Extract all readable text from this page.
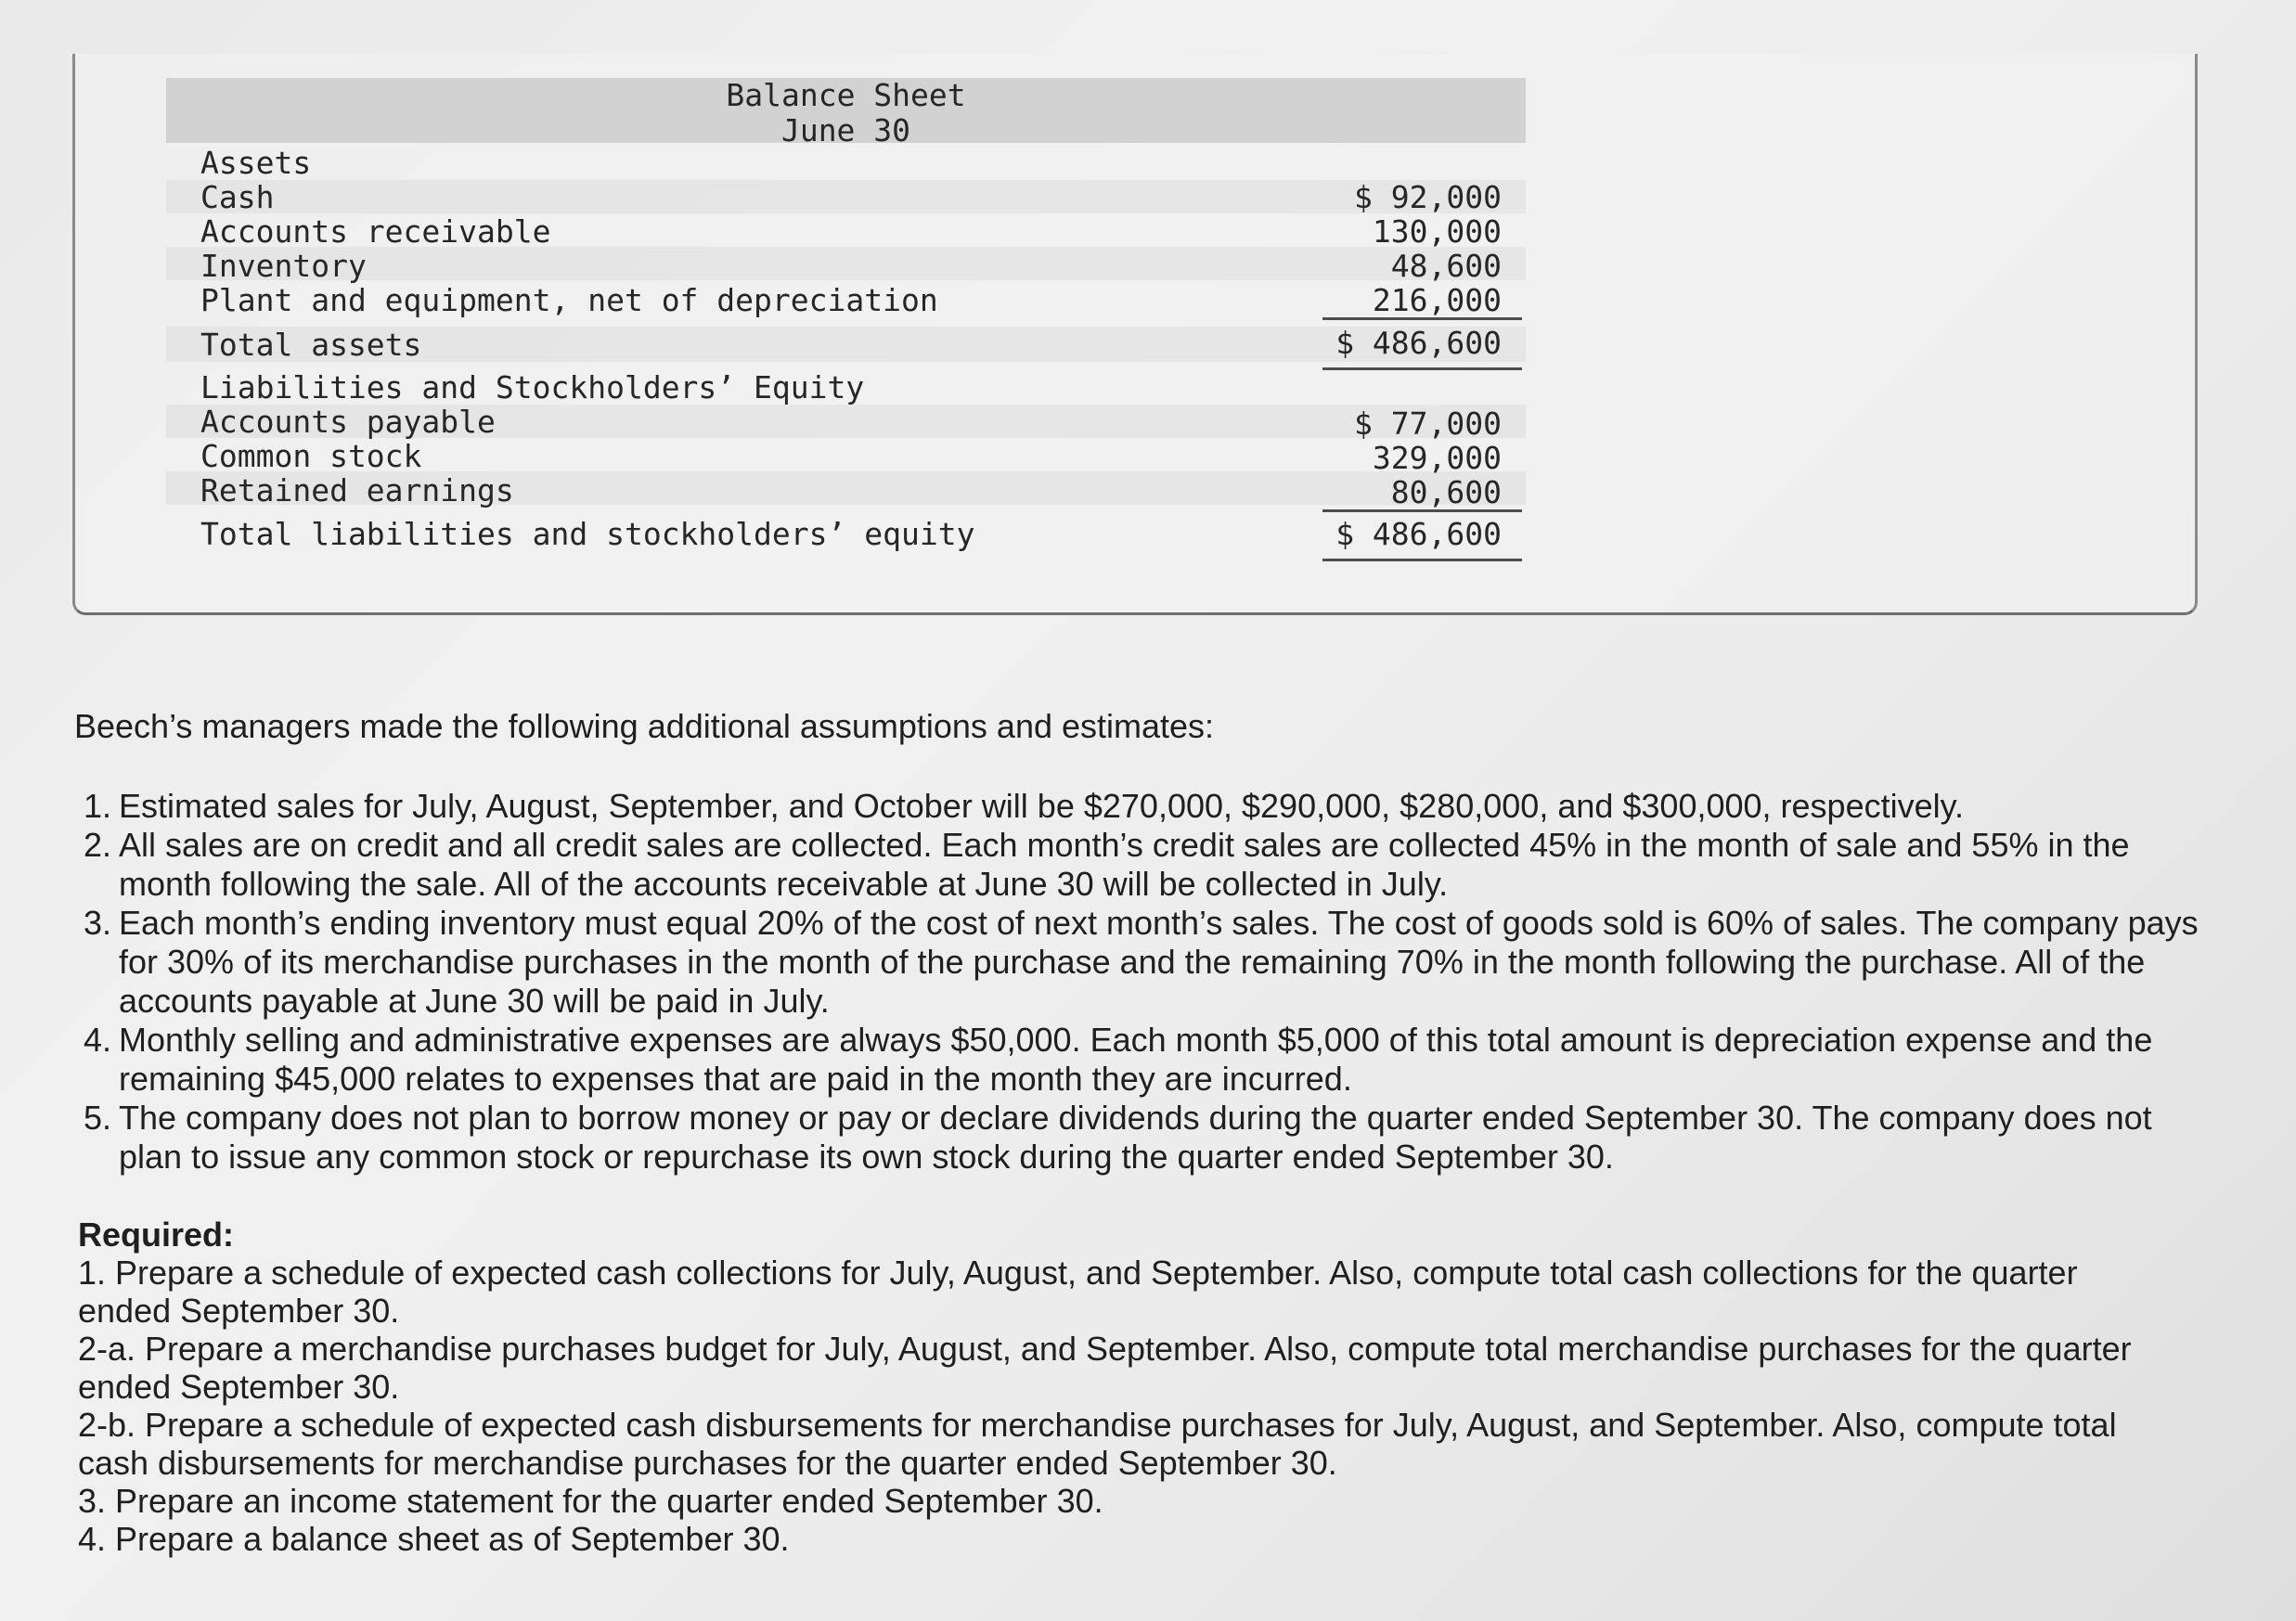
Balance Sheet
June 30
Assets
Cash	$ 92,000
Accounts receivable	130,000
Inventory	48,600
Plant and equipment, net of depreciation	216,000
Total assets	$ 486,600
Liabilities and Stockholders’ Equity
Accounts payable	$ 77,000
Common stock	329,000
Retained earnings	80,600
Total liabilities and stockholders’ equity	$ 486,600
Beech’s managers made the following additional assumptions and estimates:
1. Estimated sales for July, August, September, and October will be $270,000, $290,000, $280,000, and $300,000, respectively.
2. All sales are on credit and all credit sales are collected. Each month’s credit sales are collected 45% in the month of sale and 55% in the month following the sale. All of the accounts receivable at June 30 will be collected in July.
3. Each month’s ending inventory must equal 20% of the cost of next month’s sales. The cost of goods sold is 60% of sales. The company pays for 30% of its merchandise purchases in the month of the purchase and the remaining 70% in the month following the purchase. All of the accounts payable at June 30 will be paid in July.
4. Monthly selling and administrative expenses are always $50,000. Each month $5,000 of this total amount is depreciation expense and the remaining $45,000 relates to expenses that are paid in the month they are incurred.
5. The company does not plan to borrow money or pay or declare dividends during the quarter ended September 30. The company does not plan to issue any common stock or repurchase its own stock during the quarter ended September 30.
Required:
1. Prepare a schedule of expected cash collections for July, August, and September. Also, compute total cash collections for the quarter ended September 30.
2-a. Prepare a merchandise purchases budget for July, August, and September. Also, compute total merchandise purchases for the quarter ended September 30.
2-b. Prepare a schedule of expected cash disbursements for merchandise purchases for July, August, and September. Also, compute total cash disbursements for merchandise purchases for the quarter ended September 30.
3. Prepare an income statement for the quarter ended September 30.
4. Prepare a balance sheet as of September 30.
